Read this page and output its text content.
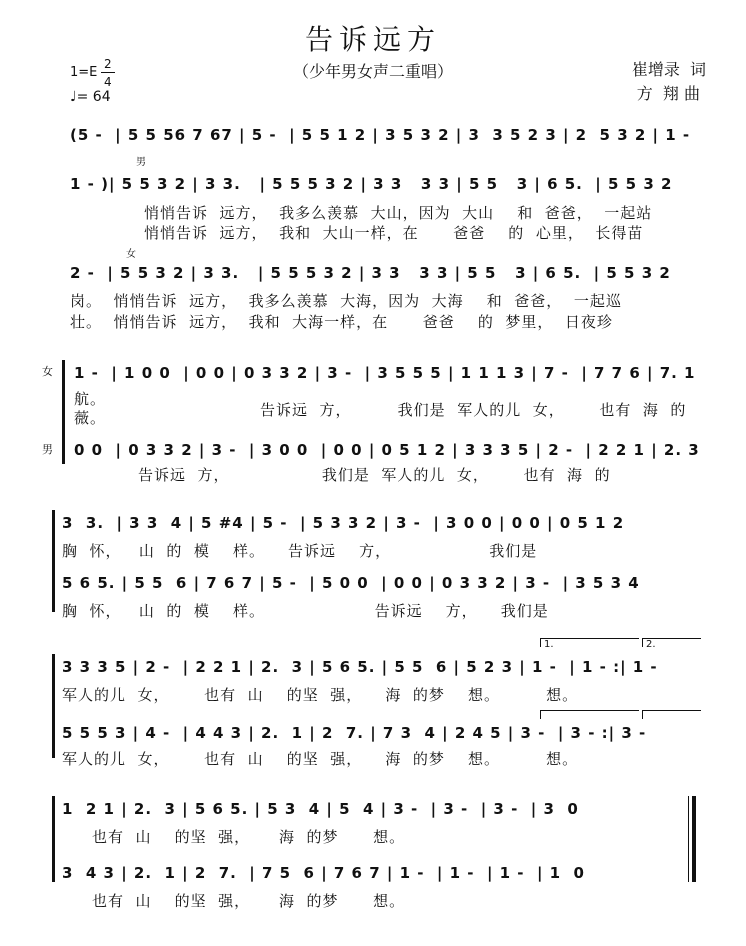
告诉远方
（少年男女声二重唱）	崔增录  词
方  翔 曲
1=E
2
4
♩= 64
(5 -  | 5 5 56 7 67 | 5 -  | 5 5 1 2 | 3 5 3 2 | 3  3 5 2 3 | 2  5 3 2 | 1 -
男
1 - )| 5 5 3 2 | 3 3.   | 5 5 5 3 2 | 3 3   3 3 | 5 5   3 | 6 5.  | 5 5 3 2
悄悄告诉  远方，  我多么羡慕  大山，因为  大山    和  爸爸，  一起站
悄悄告诉  远方，  我和  大山一样，在      爸爸    的  心里，  长得苗
女
2 -  | 5 5 3 2 | 3 3.   | 5 5 5 3 2 | 3 3   3 3 | 5 5   3 | 6 5.  | 5 5 3 2
岗。  悄悄告诉  远方，  我多么羡慕  大海，因为  大海    和  爸爸，  一起巡
壮。  悄悄告诉  远方，  我和  大海一样，在      爸爸    的  梦里，  日夜珍
女
男
1 -  | 1 0 0  | 0 0 | 0 3 3 2 | 3 -  | 3 5 5 5 | 1 1 1 3 | 7 -  | 7 7 6 | 7. 1
航。
薇。	告诉远  方，        我们是  军人的儿  女，      也有  海  的
0 0  | 0 3 3 2 | 3 -  | 3 0 0  | 0 0 | 0 5 1 2 | 3 3 3 5 | 2 -  | 2 2 1 | 2. 3
告诉远  方，                我们是  军人的儿  女，      也有  海  的
3  3.  | 3 3  4 | 5 #4 | 5 -  | 5 3 3 2 | 3 -  | 3 0 0 | 0 0 | 0 5 1 2
胸  怀，   山  的  模    样。    告诉远    方，                 我们是
5 6 5. | 5 5  6 | 7 6 7 | 5 -  | 5 0 0  | 0 0 | 0 3 3 2 | 3 -  | 3 5 3 4
胸  怀，   山  的  模    样。                   告诉远    方，    我们是
1.	2.
3 3 3 5 | 2 -  | 2 2 1 | 2.  3 | 5 6 5. | 5 5  6 | 5 2 3 | 1 -  | 1 - :| 1 -
军人的儿  女，      也有  山    的坚  强，    海  的梦    想。        想。
5 5 5 3 | 4 -  | 4 4 3 | 2.  1 | 2  7. | 7 3  4 | 2 4 5 | 3 -  | 3 - :| 3 -
军人的儿  女，      也有  山    的坚  强，    海  的梦    想。        想。
1  2 1 | 2.  3 | 5 6 5. | 5 3  4 | 5  4 | 3 -  | 3 -  | 3 -  | 3  0
也有  山    的坚  强，     海  的梦      想。
3  4 3 | 2.  1 | 2  7.  | 7 5  6 | 7 6 7 | 1 -  | 1 -  | 1 -  | 1  0
也有  山    的坚  强，     海  的梦      想。
